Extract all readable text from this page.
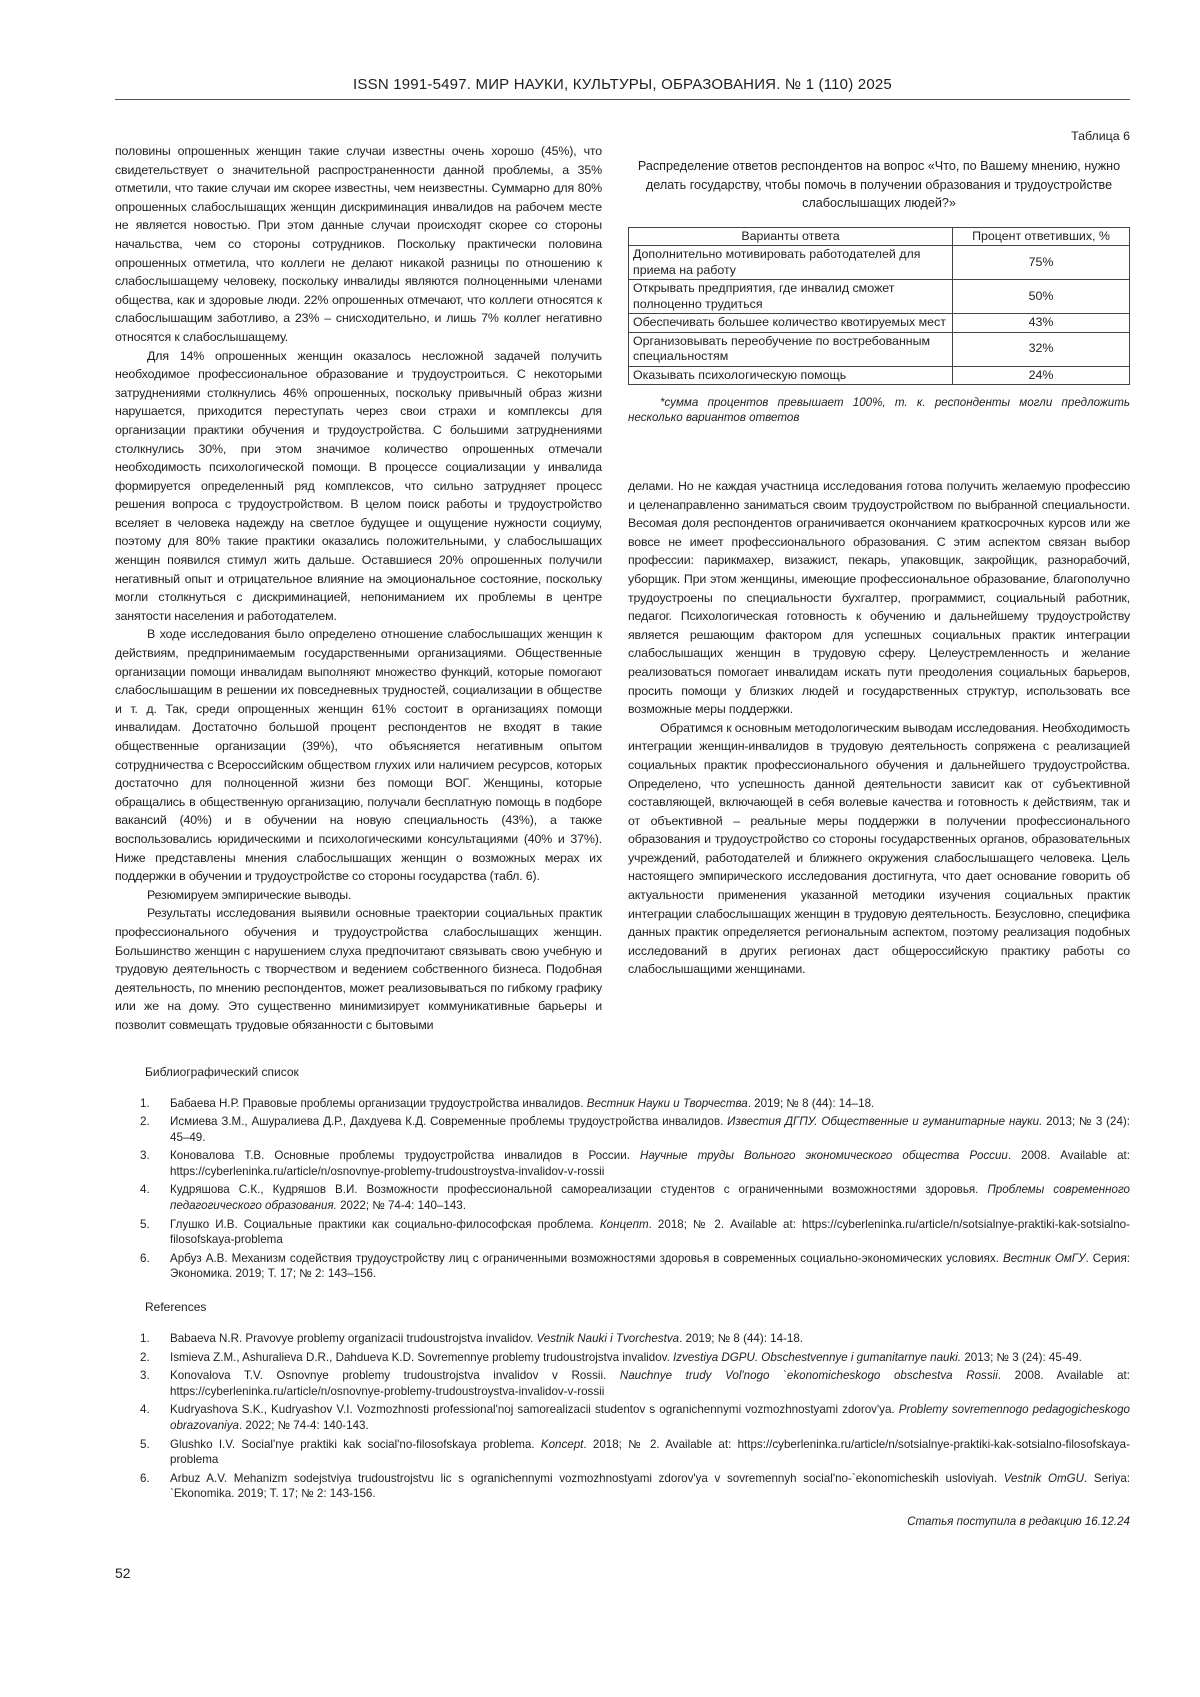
ISSN 1991-5497. МИР НАУКИ, КУЛЬТУРЫ, ОБРАЗОВАНИЯ. № 1 (110) 2025

половины опрошенных женщин такие случаи известны очень хорошо (45%), что свидетельствует о значительной распространенности данной проблемы, а 35% отметили, что такие случаи им скорее известны, чем неизвестны. Суммарно для 80% опрошенных слабослышащих женщин дискриминация инвалидов на рабочем месте не является новостью. При этом данные случаи происходят скорее со стороны начальства, чем со стороны сотрудников. Поскольку практически половина опрошенных отметила, что коллеги не делают никакой разницы по отношению к слабослышащему человеку, поскольку инвалиды являются полноценными членами общества, как и здоровые люди. 22% опрошенных отмечают, что коллеги относятся к слабослышащим заботливо, а 23% – снисходительно, и лишь 7% коллег негативно относятся к слабослышащему.

Для 14% опрошенных женщин оказалось несложной задачей получить необходимое профессиональное образование и трудоустроиться. С некоторыми затруднениями столкнулись 46% опрошенных, поскольку привычный образ жизни нарушается, приходится переступать через свои страхи и комплексы для организации практики обучения и трудоустройства. С большими затруднениями столкнулись 30%, при этом значимое количество опрошенных отмечали необходимость психологической помощи. В процессе социализации у инвалида формируется определенный ряд комплексов, что сильно затрудняет процесс решения вопроса с трудоустройством. В целом поиск работы и трудоустройство вселяет в человека надежду на светлое будущее и ощущение нужности социуму, поэтому для 80% такие практики оказались положительными, у слабослышащих женщин появился стимул жить дальше. Оставшиеся 20% опрошенных получили негативный опыт и отрицательное влияние на эмоциональное состояние, поскольку могли столкнуться с дискриминацией, непониманием их проблемы в центре занятости населения и работодателем.

В ходе исследования было определено отношение слабослышащих женщин к действиям, предпринимаемым государственными организациями. Общественные организации помощи инвалидам выполняют множество функций, которые помогают слабослышащим в решении их повседневных трудностей, социализации в обществе и т. д. Так, среди опрощенных женщин 61% состоит в организациях помощи инвалидам. Достаточно большой процент респондентов не входят в такие общественные организации (39%), что объясняется негативным опытом сотрудничества с Всероссийским обществом глухих или наличием ресурсов, которых достаточно для полноценной жизни без помощи ВОГ. Женщины, которые обращались в общественную организацию, получали бесплатную помощь в подборе вакансий (40%) и в обучении на новую специальность (43%), а также воспользовались юридическими и психологическими консультациями (40% и 37%). Ниже представлены мнения слабослышащих женщин о возможных мерах их поддержки в обучении и трудоустройстве со стороны государства (табл. 6).

Резюмируем эмпирические выводы.

Результаты исследования выявили основные траектории социальных практик профессионального обучения и трудоустройства слабослышащих женщин. Большинство женщин с нарушением слуха предпочитают связывать свою учебную и трудовую деятельность с творчеством и ведением собственного бизнеса. Подобная деятельность, по мнению респондентов, может реализовываться по гибкому графику или же на дому. Это существенно минимизирует коммуникативные барьеры и позволит совмещать трудовые обязанности с бытовыми

Таблица 6
Распределение ответов респондентов на вопрос «Что, по Вашему мнению, нужно делать государству, чтобы помочь в получении образования и трудоустройстве слабослышащих людей?»
Варианты ответа	Процент ответивших, %
Дополнительно мотивировать работодателей для приема на работу	75%
Открывать предприятия, где инвалид сможет полноценно трудиться	50%
Обеспечивать большее количество квотируемых мест	43%
Организовывать переобучение по востребованным специальностям	32%
Оказывать психологическую помощь	24%
*сумма процентов превышает 100%, т. к. респонденты могли предложить несколько вариантов ответов

делами. Но не каждая участница исследования готова получить желаемую профессию и целенаправленно заниматься своим трудоустройством по выбранной специальности. Весомая доля респондентов ограничивается окончанием краткосрочных курсов или же вовсе не имеет профессионального образования. С этим аспектом связан выбор профессии: парикмахер, визажист, пекарь, упаковщик, закройщик, разнорабочий, уборщик. При этом женщины, имеющие профессиональное образование, благополучно трудоустроены по специальности бухгалтер, программист, социальный работник, педагог. Психологическая готовность к обучению и дальнейшему трудоустройству является решающим фактором для успешных социальных практик интеграции слабослышащих женщин в трудовую сферу. Целеустремленность и желание реализоваться помогает инвалидам искать пути преодоления социальных барьеров, просить помощи у близких людей и государственных структур, использовать все возможные меры поддержки.

Обратимся к основным методологическим выводам исследования. Необходимость интеграции женщин-инвалидов в трудовую деятельность сопряжена с реализацией социальных практик профессионального обучения и дальнейшего трудоустройства. Определено, что успешность данной деятельности зависит как от субъективной составляющей, включающей в себя волевые качества и готовность к действиям, так и от объективной – реальные меры поддержки в получении профессионального образования и трудоустройство со стороны государственных органов, образовательных учреждений, работодателей и ближнего окружения слабослышащего человека. Цель настоящего эмпирического исследования достигнута, что дает основание говорить об актуальности применения указанной методики изучения социальных практик интеграции слабослышащих женщин в трудовую деятельность. Безусловно, специфика данных практик определяется региональным аспектом, поэтому реализация подобных исследований в других регионах даст общероссийскую практику работы со слабослышащими женщинами.

Библиографический список
1. Бабаева Н.Р. Правовые проблемы организации трудоустройства инвалидов. Вестник Науки и Творчества. 2019; № 8 (44): 14–18.
2. Исмиева З.М., Ашуралиева Д.Р., Дахдуева К.Д. Современные проблемы трудоустройства инвалидов. Известия ДГПУ. Общественные и гуманитарные науки. 2013; № 3 (24): 45–49.
3. Коновалова Т.В. Основные проблемы трудоустройства инвалидов в России. Научные труды Вольного экономического общества России. 2008. Available at: https://cyberleninka.ru/article/n/osnovnye-problemy-trudoustroystva-invalidov-v-rossii
4. Кудряшова С.К., Кудряшов В.И. Возможности профессиональной самореализации студентов с ограниченными возможностями здоровья. Проблемы современного педагогического образования. 2022; № 74-4: 140–143.
5. Глушко И.В. Социальные практики как социально-философская проблема. Концепт. 2018; № 2. Available at: https://cyberleninka.ru/article/n/sotsialnye-praktiki-kak-sotsialno-filosofskaya-problema
6. Арбуз А.В. Механизм содействия трудоустройству лиц с ограниченными возможностями здоровья в современных социально-экономических условиях. Вестник ОмГУ. Серия: Экономика. 2019; Т. 17; № 2: 143–156.
References
1. Babaeva N.R. Pravovye problemy organizacii trudoustrojstva invalidov. Vestnik Nauki i Tvorchestva. 2019; № 8 (44): 14-18.
2. Ismieva Z.M., Ashuralieva D.R., Dahdueva K.D. Sovremennye problemy trudoustrojstva invalidov. Izvestiya DGPU. Obschestvennye i gumanitarnye nauki. 2013; № 3 (24): 45-49.
3. Konovalova T.V. Osnovnye problemy trudoustrojstva invalidov v Rossii. Nauchnye trudy Vol'nogo `ekonomicheskogo obschestva Rossii. 2008. Available at: https://cyberleninka.ru/article/n/osnovnye-problemy-trudoustroystva-invalidov-v-rossii
4. Kudryashova S.K., Kudryashov V.I. Vozmozhnosti professional'noj samorealizacii studentov s ogranichennymi vozmozhnostyami zdorov'ya. Problemy sovremennogo pedagogicheskogo obrazovaniya. 2022; № 74-4: 140-143.
5. Glushko I.V. Social'nye praktiki kak social'no-filosofskaya problema. Koncept. 2018; № 2. Available at: https://cyberleninka.ru/article/n/sotsialnye-praktiki-kak-sotsialno-filosofskaya-problema
6. Arbuz A.V. Mehanizm sodejstviya trudoustrojstvu lic s ogranichennymi vozmozhnostyami zdorov'ya v sovremennyh social'no-`ekonomicheskih usloviyah. Vestnik OmGU. Seriya: `Ekonomika. 2019; T. 17; № 2: 143-156.
Статья поступила в редакцию 16.12.24
52
